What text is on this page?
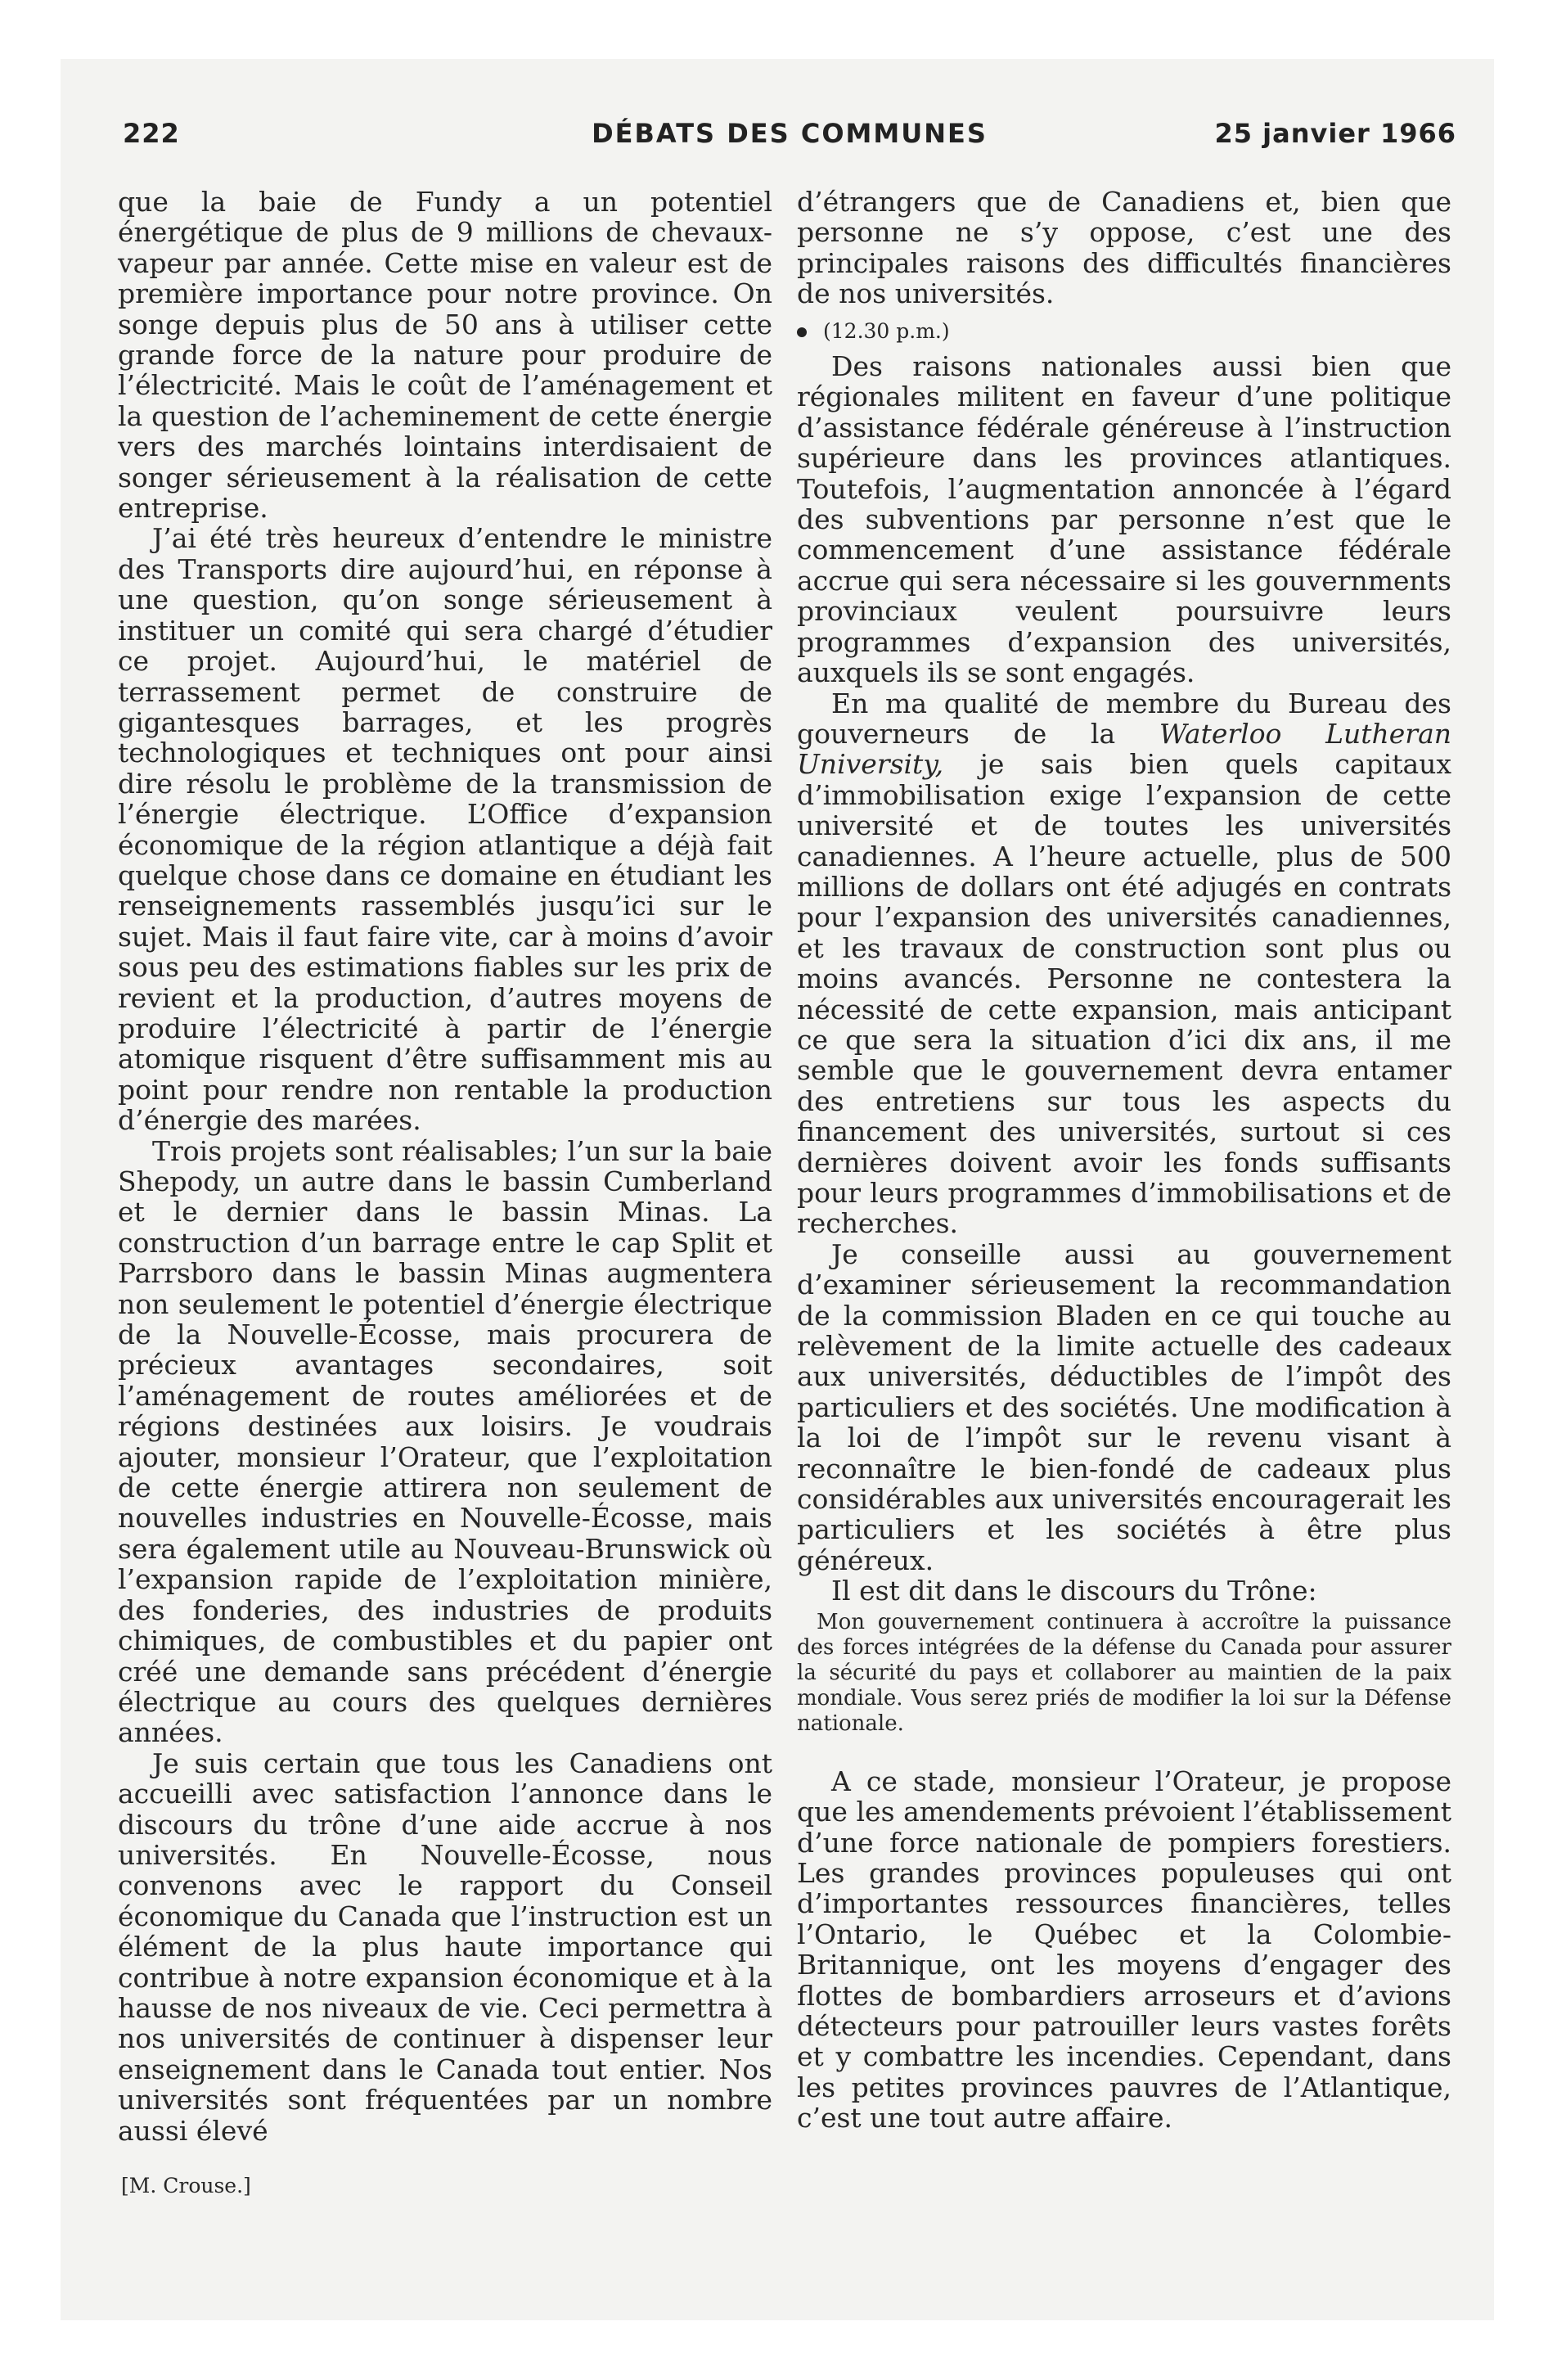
222	DÉBATS DES COMMUNES	25 janvier 1966

que la baie de Fundy a un potentiel énergétique de plus de 9 millions de chevaux-vapeur par année. Cette mise en valeur est de première importance pour notre province. On songe depuis plus de 50 ans à utiliser cette grande force de la nature pour produire de l’électricité. Mais le coût de l’aménagement et la question de l’acheminement de cette énergie vers des marchés lointains interdisaient de songer sérieusement à la réalisation de cette entreprise.

J’ai été très heureux d’entendre le ministre des Transports dire aujourd’hui, en réponse à une question, qu’on songe sérieusement à instituer un comité qui sera chargé d’étudier ce projet. Aujourd’hui, le matériel de terrassement permet de construire de gigantesques barrages, et les progrès technologiques et techniques ont pour ainsi dire résolu le problème de la transmission de l’énergie électrique. L’Office d’expansion économique de la région atlantique a déjà fait quelque chose dans ce domaine en étudiant les renseignements rassemblés jusqu’ici sur le sujet. Mais il faut faire vite, car à moins d’avoir sous peu des estimations fiables sur les prix de revient et la production, d’autres moyens de produire l’électricité à partir de l’énergie atomique risquent d’être suffisamment mis au point pour rendre non rentable la production d’énergie des marées.

Trois projets sont réalisables; l’un sur la baie Shepody, un autre dans le bassin Cumberland et le dernier dans le bassin Minas. La construction d’un barrage entre le cap Split et Parrsboro dans le bassin Minas augmentera non seulement le potentiel d’énergie électrique de la Nouvelle-Écosse, mais procurera de précieux avantages secondaires, soit l’aménagement de routes améliorées et de régions destinées aux loisirs. Je voudrais ajouter, monsieur l’Orateur, que l’exploitation de cette énergie attirera non seulement de nouvelles industries en Nouvelle-Écosse, mais sera également utile au Nouveau-Brunswick où l’expansion rapide de l’exploitation minière, des fonderies, des industries de produits chimiques, de combustibles et du papier ont créé une demande sans précédent d’énergie électrique au cours des quelques dernières années.

Je suis certain que tous les Canadiens ont accueilli avec satisfaction l’annonce dans le discours du trône d’une aide accrue à nos universités. En Nouvelle-Écosse, nous convenons avec le rapport du Conseil économique du Canada que l’instruction est un élément de la plus haute importance qui contribue à notre expansion économique et à la hausse de nos niveaux de vie. Ceci permettra à nos universités de continuer à dispenser leur enseignement dans le Canada tout entier. Nos universités sont fréquentées par un nombre aussi élevé

[M. Crouse.]

d’étrangers que de Canadiens et, bien que personne ne s’y oppose, c’est une des principales raisons des difficultés financières de nos universités.

(12.30 p.m.)

Des raisons nationales aussi bien que régionales militent en faveur d’une politique d’assistance fédérale généreuse à l’instruction supérieure dans les provinces atlantiques. Toutefois, l’augmentation annoncée à l’égard des subventions par personne n’est que le commencement d’une assistance fédérale accrue qui sera nécessaire si les gouvernments provinciaux veulent poursuivre leurs programmes d’expansion des universités, auxquels ils se sont engagés.

En ma qualité de membre du Bureau des gouverneurs de la Waterloo Lutheran University, je sais bien quels capitaux d’immobilisation exige l’expansion de cette université et de toutes les universités canadiennes. A l’heure actuelle, plus de 500 millions de dollars ont été adjugés en contrats pour l’expansion des universités canadiennes, et les travaux de construction sont plus ou moins avancés. Personne ne contestera la nécessité de cette expansion, mais anticipant ce que sera la situation d’ici dix ans, il me semble que le gouvernement devra entamer des entretiens sur tous les aspects du financement des universités, surtout si ces dernières doivent avoir les fonds suffisants pour leurs programmes d’immobilisations et de recherches.

Je conseille aussi au gouvernement d’examiner sérieusement la recommandation de la commission Bladen en ce qui touche au relèvement de la limite actuelle des cadeaux aux universités, déductibles de l’impôt des particuliers et des sociétés. Une modification à la loi de l’impôt sur le revenu visant à reconnaître le bien-fondé de cadeaux plus considérables aux universités encouragerait les particuliers et les sociétés à être plus généreux.

Il est dit dans le discours du Trône:

Mon gouvernement continuera à accroître la puissance des forces intégrées de la défense du Canada pour assurer la sécurité du pays et collaborer au maintien de la paix mondiale. Vous serez priés de modifier la loi sur la Défense nationale.

A ce stade, monsieur l’Orateur, je propose que les amendements prévoient l’établissement d’une force nationale de pompiers forestiers. Les grandes provinces populeuses qui ont d’importantes ressources financières, telles l’Ontario, le Québec et la Colombie-Britannique, ont les moyens d’engager des flottes de bombardiers arroseurs et d’avions détecteurs pour patrouiller leurs vastes forêts et y combattre les incendies. Cependant, dans les petites provinces pauvres de l’Atlantique, c’est une tout autre affaire.
